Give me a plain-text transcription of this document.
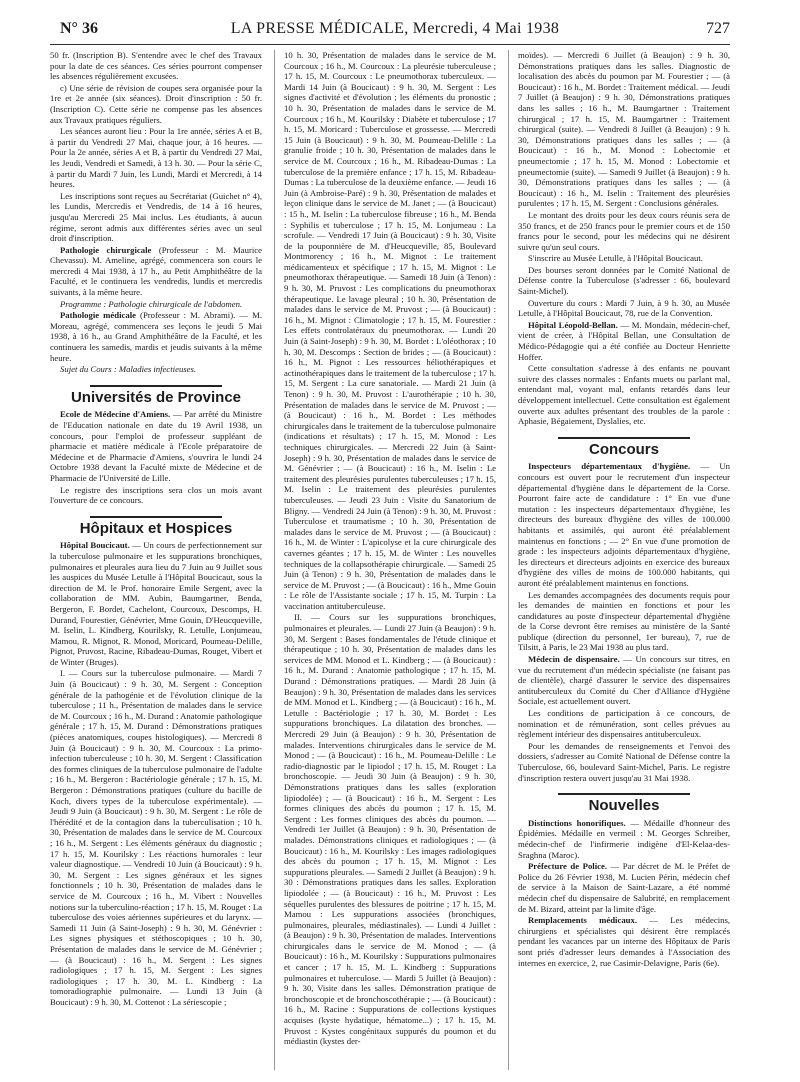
N° 36	LA PRESSE MÉDICALE, Mercredi, 4 Mai 1938	727

50 fr. (Inscription B). S'entendre avec le chef des Travaux pour la date de ces séances. Ces séries pourront compenser les absences régulièrement excusées.

c) Une série de révision de coupes sera organisée pour la 1re et 2e année (six séances). Droit d'inscription : 50 fr. (Inscription C). Cette série ne compense pas les absences aux Travaux pratiques réguliers.

Les séances auront lieu : Pour la 1re année, séries A et B, à partir du Vendredi 27 Mai, chaque jour, à 16 heures. — Pour la 2e année, séries A et B, à partir du Vendredi 27 Mai, les Jeudi, Vendredi et Samedi, à 13 h. 30. — Pour la série C, à partir du Mardi 7 Juin, les Lundi, Mardi et Mercredi, à 14 heures.

Les inscriptions sont reçues au Secrétariat (Guichet n° 4), les Lundis, Mercredis et Vendredis, de 14 à 16 heures, jusqu'au Mercredi 25 Mai inclus. Les étudiants, à aucun régime, seront admis aux différentes séries avec un seul droit d'inscription.

Pathologie chirurgicale (Professeur : M. Maurice Chevassu). M. Ameline, agrégé, commencera son cours le mercredi 4 Mai 1938, à 17 h., au Petit Amphithéâtre de la Faculté, et le continuera les vendredis, lundis et mercredis suivants, à la même heure.

Programme : Pathologie chirurgicale de l'abdomen.

Pathologie médicale (Professeur : M. Abrami). — M. Moreau, agrégé, commencera ses leçons le jeudi 5 Mai 1938, à 16 h., au Grand Amphithéâtre de la Faculté, et les continuera les samedis, mardis et jeudis suivants à la même heure.

Sujet du Cours : Maladies infectieuses.

Universités de Province

Ecole de Médecine d'Amiens. — Par arrêté du Ministre de l'Education nationale en date du 19 Avril 1938, un concours, pour l'emploi de professeur suppléant de pharmacie et matière médicale à l'Ecole préparatoire de Médecine et de Pharmacie d'Amiens, s'ouvrira le lundi 24 Octobre 1938 devant la Faculté mixte de Médecine et de Pharmacie de l'Université de Lille.

Le registre des inscriptions sera clos un mois avant l'ouverture de ce concours.

Hôpitaux et Hospices

Hôpital Boucicaut. — Un cours de perfectionnement sur la tuberculose pulmonaire et les suppurations bronchiques, pulmonaires et pleurales aura lieu du 7 Juin au 9 Juillet sous les auspices du Musée Letulle à l'Hôpital Boucicaut, sous la direction de M. le Prof. honoraire Emile Sergent, avec la collaboration de MM. Aubin, Baumgartner, Benda, Bergeron, F. Bordet, Cachelont, Courcoux, Descomps, H. Durand, Fourestier, Génévrier, Mme Gouin, D'Heucqueville, M. Iselin, L. Kindberg, Kourilsky, R. Letulle, Lonjumeau, Mamou, R. Mignot, R. Monod, Moricard, Poumeau-Delille, Pignot, Pruvost, Racine, Ribadeau-Dumas, Rouget, Vibert et de Winter (Bruges).

I. — Cours sur la tuberculose pulmonaire. — Mardi 7 Juin (à Boucicaut) : 9 h. 30, M. Sergent : Conception générale de la pathogénie et de l'évolution clinique de la tuberculose ; 11 h., Présentation de malades dans le service de M. Courcoux ; 16 h., M. Durand : Anatomie pathologique générale ; 17 h. 15, M. Durand : Démonstrations pratiques (pièces anatomiques, coupes histologiques). — Mercredi 8 Juin (à Boucicaut) : 9 h. 30, M. Courcoux : La primo-infection tuberculeuse ; 10 h. 30, M. Sergent : Classification des formes cliniques de la tuberculose pulmonaire de l'adulte ; 16 h., M. Bergeron : Bactériologie générale ; 17 h. 15, M. Bergeron : Démonstrations pratiques (culture du bacille de Koch, divers types de la tuberculose expérimentale). — Jeudi 9 Juin (à Boucicaut) : 9 h. 30, M. Sergent : Le rôle de l'hérédité et de la contagion dans la tuberculisation ; 10 h. 30, Présentation de malades dans le service de M. Courcoux ; 16 h., M. Sergent : Les éléments généraux du diagnostic ; 17 h. 15, M. Kourilsky : Les réactions humorales : leur valeur diagnostique. — Vendredi 10 Juin (à Boucicaut) : 9 h. 30, M. Sergent : Les signes généraux et les signes fonctionnels ; 10 h. 30, Présentation de malades dans le service de M. Courcoux ; 16 h., M. Vibert : Nouvelles notions sur la tuberculino-réaction ; 17 h. 15, M. Rouget : La tuberculose des voies aériennes supérieures et du larynx. — Samedi 11 Juin (à Saint-Joseph) : 9 h. 30, M. Génévrier : Les signes physiques et stéthoscopiques ; 10 h. 30, Présentation de malades dans le service de M. Génévrier ; — (à Boucicaut) : 16 h., M. Sergent : Les signes radiologiques ; 17 h. 15, M. Sergent : Les signes radiologiques ; 17 h. 30, M. L. Kindberg : La tomoradiographie pulmonaire. — Lundi 13 Juin (à Boucicaut) : 9 h. 30, M. Cottenot : La sériescopie ;

10 h. 30, Présentation de malades dans le service de M. Courcoux ; 16 h., M. Courcoux : La pleurésie tuberculeuse ; 17 h. 15, M. Courcoux : Le pneumothorax tuberculeux. — Mardi 14 Juin (à Boucicaut) : 9 h. 30, M. Sergent : Les signes d'activité et d'évolution ; les éléments du pronostic ; 10 h. 30, Présentation de malades dans le service de M. Courcoux ; 16 h., M. Kourilsky : Diabète et tuberculose ; 17 h. 15, M. Moricard : Tuberculose et grossesse. — Mercredi 15 Juin (à Boucicaut) : 9 h. 30, M. Poumeau-Delille : La granulie froide ; 10 h. 30, Présentation de malades dans le service de M. Courcoux ; 16 h., M. Ribadeau-Dumas : La tuberculose de la première enfance ; 17 h. 15, M. Ribadeau-Dumas : La tuberculose de la deuxième enfance. — Jeudi 16 Juin (à Ambroise-Paré) : 9 h. 30, Présentation de malades et leçon clinique dans le service de M. Janet ; — (à Boucicaut) : 15 h., M. Iselin : La tuberculose fibreuse ; 16 h., M. Benda : Syphilis et tuberculose ; 17 h. 15, M. Lonjumeau : La scrofule. — Vendredi 17 Juin (à Boucicaut) : 9 h. 30, Visite de la pouponnière de M. d'Heucqueville, 85, Boulevard Montmorency ; 16 h., M. Mignot : Le traitement médicamenteux et spécifique ; 17 h. 15, M. Mignot : Le pneumothorax thérapeutique. — Samedi 18 Juin (à Tenon) : 9 h. 30, M. Pruvost : Les complications du pneumothorax thérapeutique. Le lavage pleural ; 10 h. 30, Présentation de malades dans le service de M. Pruvost ; — (à Boucicaut) : 16 h., M. Mignot : Climatologie ; 17 h. 15, M. Fourestier : Les effets controlatéraux du pneumothorax. — Lundi 20 Juin (à Saint-Joseph) : 9 h. 30, M. Bordet : L'oléothorax ; 10 h. 30, M. Descomps : Section de brides ; — (à Boucicaut) : 16 h., M. Pignot : Les ressources héliothérapiques et actinothérapiques dans le traitement de la tuberculose ; 17 h. 15, M. Sergent : La cure sanatoriale. — Mardi 21 Juin (à Tenon) : 9 h. 30, M. Pruvost : L'aurothérapie ; 10 h. 30, Présentation de malades dans le service de M. Pruvost ; — (à Boucicaut) : 16 h., M. Bordet : Les méthodes chirurgicales dans le traitement de la tuberculose pulmonaire (indications et résultats) ; 17 h. 15, M. Monod : Les techniques chirurgicales. — Mercredi 22 Juin (à Saint-Joseph) : 9 h. 30, Présentation de malades dans le service de M. Génévrier ; — (à Boucicaut) : 16 h., M. Iselin : Le traitement des pleurésies purulentes tuberculeuses ; 17 h. 15, M. Iselin : Le traitement des pleurésies purulentes tuberculeuses. — Jeudi 23 Juin : Visite du Sanatorium de Bligny. — Vendredi 24 Juin (à Tenon) : 9 h. 30, M. Pruvost : Tuberculose et traumatisme ; 10 h. 30, Présentation de malades dans le service de M. Pruvost ; — (à Boucicaut) : 16 h., M. de Winter : L'apicolyse et la cure chirurgicale des cavernes géantes ; 17 h. 15, M. de Winter : Les nouvelles techniques de la collapsothérapie chirurgicale. — Samedi 25 Juin (à Tenon) : 9 h. 30, Présentation de malades dans le service de M. Pruvost ; — (à Boucicaut) : 16 h., Mme Gouin : Le rôle de l'Assistante sociale ; 17 h. 15, M. Turpin : La vaccination antituberculeuse.

II. — Cours sur les suppurations bronchiques, pulmonaires et pleurales. — Lundi 27 Juin (à Beaujon) : 9 h. 30, M. Sergent : Bases fondamentales de l'étude clinique et thérapeutique ; 10 h. 30, Présentation de malades dans les services de MM. Monod et L. Kindberg ; — (à Boucicaut) : 16 h., M. Durand : Anatomie pathologique ; 17 h. 15, M. Durand : Démonstrations pratiques. — Mardi 28 Juin (à Beaujon) : 9 h. 30, Présentation de malades dans les services de MM. Monod et L. Kindberg ; — (à Boucicaut) : 16 h., M. Letulle : Bactériologie ; 17 h. 30, M. Bordet : Les suppurations bronchiques. La dilatation des bronches. — Mercredi 29 Juin (à Beaujon) : 9 h. 30, Présentation de malades. Interventions chirurgicales dans le service de M. Monod ; — (à Boucicaut) : 16 h., M. Poumeau-Delille : Le radio-diagnostic par le lipiodol ; 17 h. 15, M. Rouget : La bronchoscopie. — Jeudi 30 Juin (à Beaujon) : 9 h. 30, Démonstrations pratiques dans les salles (exploration lipiodolée) ; — (à Boucicaut) : 16 h., M. Sergent : Les formes cliniques des abcès du poumon ; 17 h. 15, M. Sergent : Les formes cliniques des abcès du poumon. — Vendredi 1er Juillet (à Beaujon) : 9 h. 30, Présentation de malades. Démonstrations cliniques et radiologiques ; — (à Boucicaut) : 16 h., M. Kourilsky : Les images radiologiques des abcès du poumon ; 17 h. 15, M. Mignot : Les suppurations pleurales. — Samedi 2 Juillet (à Beaujon) : 9 h. 30 : Démonstrations pratiques dans les salles. Exploration lipiodolée ; — (à Boucicaut) : 16 h., M. Pruvost : Les séquelles purulentes des blessures de poitrine ; 17 h. 15, M. Mamou : Les suppurations associées (bronchiques, pulmonaires, pleurales, médiastinales). — Lundi 4 Juillet : (à Beaujon) : 9 h. 30, Présentation de malades. Interventions chirurgicales dans le service de M. Monod ; — (à Boucicaut) : 16 h., M. Kourilsky : Suppurations pulmonaires et cancer ; 17 h. 15, M. L. Kindberg : Suppurations pulmonaires et tuberculose. — Mardi 5 Juillet (à Beaujon) : 9 h. 30, Visite dans les salles. Démonstration pratique de bronchoscopie et de bronchoscothérapie ; — (à Boucicaut) : 16 h., M. Racine : Suppurations de collections kystiques acquises (kyste hydatique, hématome...) ; 17 h. 15, M. Pruvost : Kystes congénitaux suppurés du poumon et du médiastin (kystes der-

moïdes). — Mercredi 6 Juillet (à Beaujon) : 9 h. 30, Démonstrations pratiques dans les salles. Diagnostic de localisation des abcès du poumon par M. Fourestier ; — (à Boucicaut) : 16 h., M. Bordet : Traitement médical. — Jeudi 7 Juillet (à Beaujon) : 9 h. 30, Démonstrations pratiques dans les salles ; 16 h., M. Baumgartner : Traitement chirurgical ; 17 h. 15, M. Baumgartner : Traitement chirurgical (suite). — Vendredi 8 Juillet (à Beaujon) : 9 h. 30, Démonstrations pratiques dans les salles ; — (à Boucicaut) : 16 h., M. Monod : Lobectomie et pneumectomie ; 17 h. 15, M. Monod : Lobectomie et pneumectomie (suite). — Samedi 9 Juillet (à Beaujon) : 9 h. 30, Démonstrations pratiques dans les salles ; — (à Boucicaut) : 16 h., M. Iselin : Traitement des pleurésies purulentes ; 17 h. 15, M. Sergent : Conclusions générales.

Le montant des droits pour les deux cours réunis sera de 350 francs, et de 250 francs pour le premier cours et de 150 francs pour le second, pour les médecins qui ne désirent suivre qu'un seul cours.

S'inscrire au Musée Letulle, à l'Hôpital Boucicaut.

Des bourses seront données par le Comité National de Défense contre la Tuberculose (s'adresser : 66, boulevard Saint-Michel).

Ouverture du cours : Mardi 7 Juin, à 9 h. 30, au Musée Letulle, à l'Hôpital Boucicaut, 78, rue de la Convention.

Hôpital Léopold-Bellan. — M. Mondain, médecin-chef, vient de créer, à l'Hôpital Bellan, une Consultation de Médico-Pédagogie qui a été confiée au Docteur Henriette Hoffer.

Cette consultation s'adresse à des enfants ne pouvant suivre des classes normales : Enfants muets ou parlant mal, entendant mal, voyant mal, enfants retardés dans leur développement intellectuel. Cette consultation est également ouverte aux adultes présentant des troubles de la parole : Aphasie, Bégaiement, Dyslalies, etc.

Concours

Inspecteurs départementaux d'hygiène. — Un concours est ouvert pour le recrutement d'un inspecteur départemental d'hygiène dans le département de la Corse. Pourront faire acte de candidature : 1° En vue d'une mutation : les inspecteurs départementaux d'hygiène, les directeurs des bureaux d'hygiène des villes de 100.000 habitants et assimilés, qui auront été préalablement maintenus en fonctions ; — 2° En vue d'une promotion de grade : les inspecteurs adjoints départementaux d'hygiène, les directeurs et directeurs adjoints en exercice des bureaux d'hygiène des villes de moins de 100.000 habitants, qui auront été préalablement maintenus en fonctions.

Les demandes accompagnées des documents requis pour les demandes de maintien en fonctions et pour les candidatures au poste d'inspecteur départemental d'hygiène de la Corse devront être remises au ministère de la Santé publique (direction du personnel, 1er bureau), 7, rue de Tilsitt, à Paris, le 23 Mai 1938 au plus tard.

Médecin de dispensaire. — Un concours sur titres, en vue du recrutement d'un médecin spécialiste (ne faisant pas de clientèle), chargé d'assurer le service des dispensaires antituberculeux du Comité du Cher d'Alliance d'Hygiène Sociale, est actuellement ouvert.

Les conditions de participation à ce concours, de nomination et de rémunération, sont celles prévues au règlement intérieur des dispensaires antituberculeux.

Pour les demandes de renseignements et l'envoi des dossiers, s'adresser au Comité National de Défense contre la Tuberculose, 66, boulevard Saint-Michel, Paris. Le registre d'inscription restera ouvert jusqu'au 31 Mai 1938.

Nouvelles

Distinctions honorifiques. — Médaille d'honneur des Épidémies. Médaille en vermeil : M. Georges Schreiber, médecin-chef de l'infirmerie indigène d'El-Kelaa-des-Sraghna (Maroc).

Préfecture de Police. — Par décret de M. le Préfet de Police du 26 Février 1938, M. Lucien Périn, médecin chef de service à la Maison de Saint-Lazare, a été nommé médecin chef du dispensaire de Salubrité, en remplacement de M. Bizard, atteint par la limite d'âge.

Remplacements médicaux. — Les médecins, chirurgiens et spécialistes qui désirent être remplacés pendant les vacances par un interne des Hôpitaux de Paris sont priés d'adresser leurs demandes à l'Association des internes en exercice, 2, rue Casimir-Delavigne, Paris (6e).
